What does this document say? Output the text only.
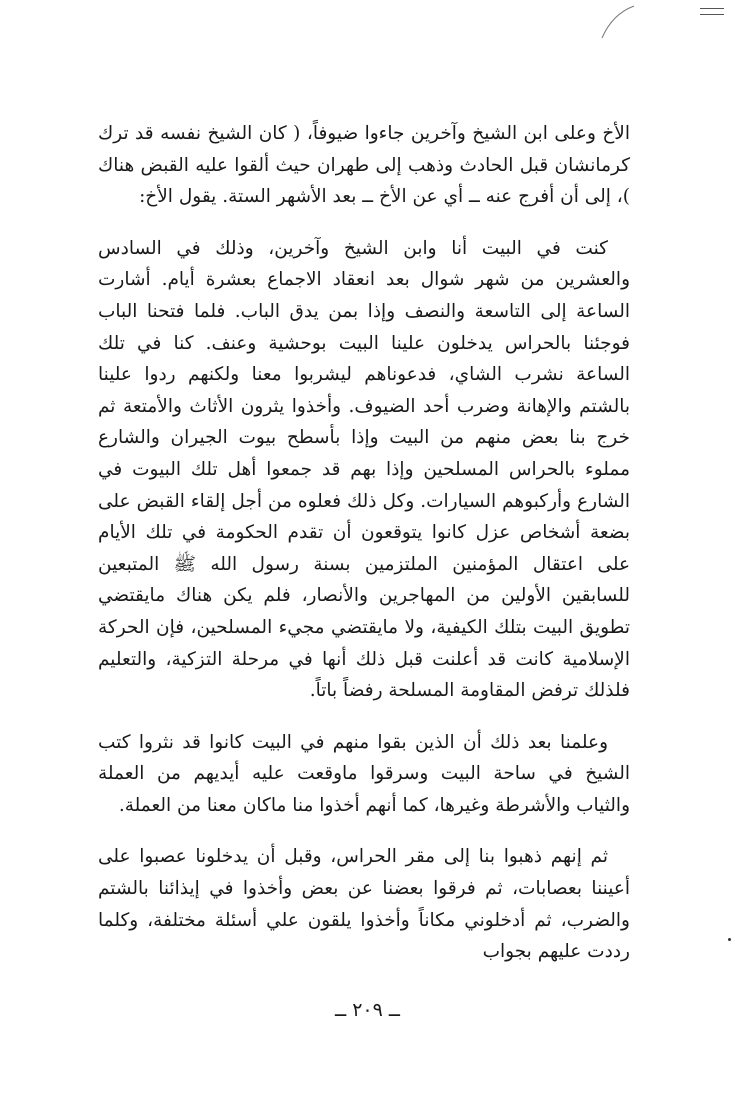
الأخ وعلى ابن الشيخ وآخرين جاءوا ضيوفاً، ( كان الشيخ نفسه قد ترك كرمانشان قبل الحادث وذهب إلى طهران حيث ألقوا عليه القبض هناك )، إلى أن أفرج عنه ــ أي عن الأخ ــ بعد الأشهر الستة. يقول الأخ:

كنت في البيت أنا وابن الشيخ وآخرين، وذلك في السادس والعشرين من شهر شوال بعد انعقاد الاجماع بعشرة أيام. أشارت الساعة إلى التاسعة والنصف وإذا بمن يدق الباب. فلما فتحنا الباب فوجئنا بالحراس يدخلون علينا البيت بوحشية وعنف. كنا في تلك الساعة نشرب الشاي، فدعوناهم ليشربوا معنا ولكنهم ردوا علينا بالشتم والإهانة وضرب أحد الضيوف. وأخذوا يثرون الأثاث والأمتعة ثم خرج بنا بعض منهم من البيت وإذا بأسطح بيوت الجيران والشارع مملوء بالحراس المسلحين وإذا بهم قد جمعوا أهل تلك البيوت في الشارع وأركبوهم السيارات. وكل ذلك فعلوه من أجل إلقاء القبض على بضعة أشخاص عزل كانوا يتوقعون أن تقدم الحكومة في تلك الأيام على اعتقال المؤمنين الملتزمين بسنة رسول الله ﷺ المتبعين للسابقين الأولين من المهاجرين والأنصار، فلم يكن هناك مايقتضي تطويق البيت بتلك الكيفية، ولا مايقتضي مجيء المسلحين، فإن الحركة الإسلامية كانت قد أعلنت قبل ذلك أنها في مرحلة التزكية، والتعليم فلذلك ترفض المقاومة المسلحة رفضاً باتاً.

وعلمنا بعد ذلك أن الذين بقوا منهم في البيت كانوا قد نثروا كتب الشيخ في ساحة البيت وسرقوا ماوقعت عليه أيديهم من العملة والثياب والأشرطة وغيرها، كما أنهم أخذوا منا ماكان معنا من العملة.

ثم إنهم ذهبوا بنا إلى مقر الحراس، وقبل أن يدخلونا عصبوا على أعيننا بعصابات، ثم فرقوا بعضنا عن بعض وأخذوا في إيذائنا بالشتم والضرب، ثم أدخلوني مكاناً وأخذوا يلقون علي أسئلة مختلفة، وكلما رددت عليهم بجواب

ــ ٢٠٩ ــ
